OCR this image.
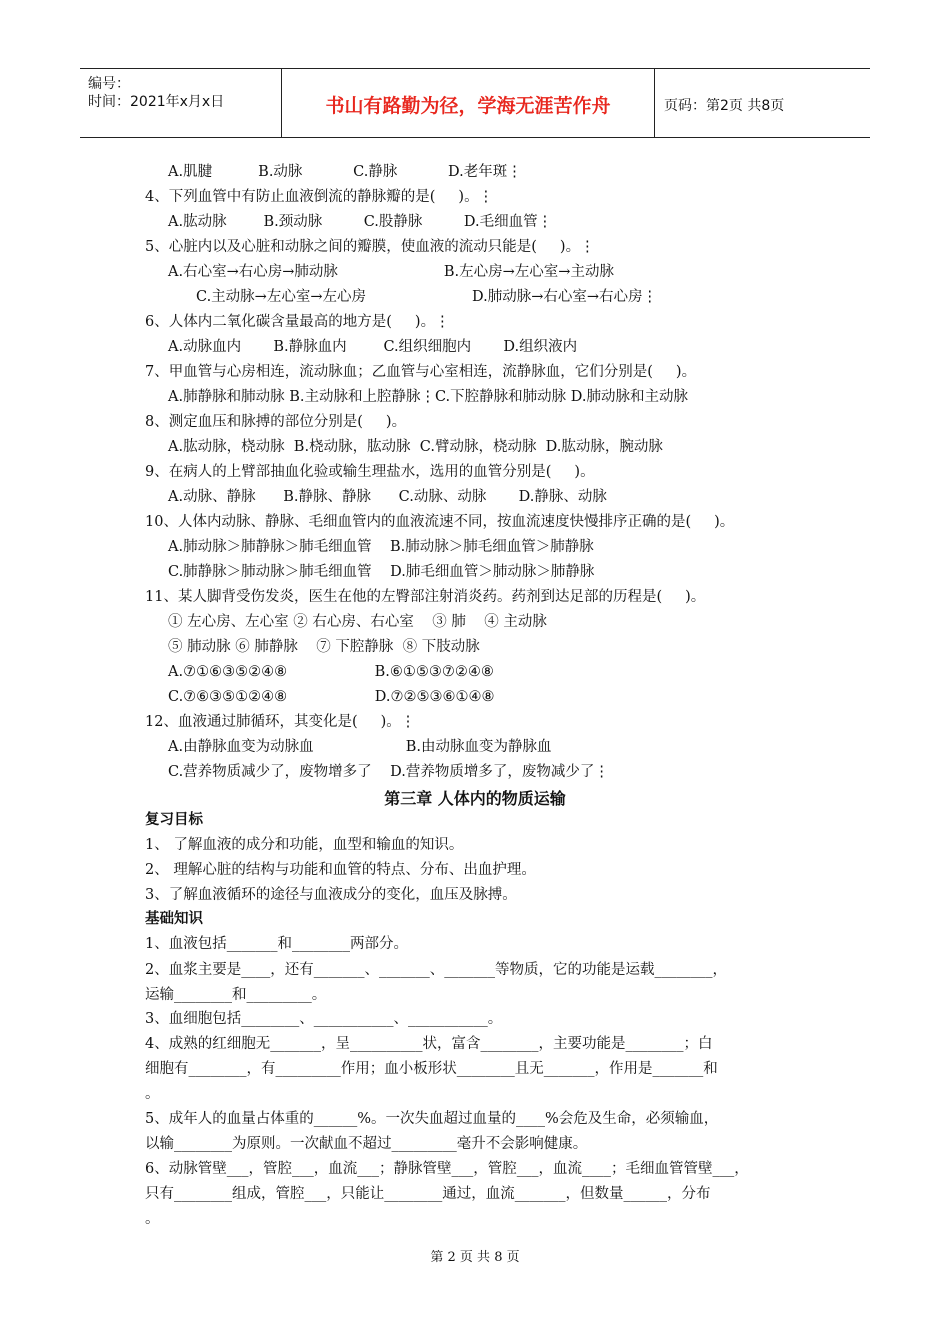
编号：
时间：2021年x月x日	书山有路勤为径，学海无涯苦作舟	页码：第2页 共8页
A.肌腱          B.动脉           C.静脉           D.老年斑⋮
4、下列血管中有防止血液倒流的静脉瓣的是(     )。⋮
A.肱动脉        B.颈动脉         C.股静脉         D.毛细血管⋮
5、心脏内以及心脏和动脉之间的瓣膜，使血液的流动只能是(     )。⋮
A.右心室→右心房→肺动脉                       B.左心房→左心室→主动脉
C.主动脉→左心室→左心房                       D.肺动脉→右心室→右心房⋮
6、人体内二氧化碳含量最高的地方是(     )。⋮
A.动脉血内       B.静脉血内        C.组织细胞内       D.组织液内
7、甲血管与心房相连，流动脉血；乙血管与心室相连，流静脉血，它们分别是(     )。
A.肺静脉和肺动脉 B.主动脉和上腔静脉⋮C.下腔静脉和肺动脉 D.肺动脉和主动脉
8、测定血压和脉搏的部位分别是(     )。
A.肱动脉，桡动脉  B.桡动脉，肱动脉  C.臂动脉，桡动脉  D.肱动脉，腕动脉
9、在病人的上臂部抽血化验或输生理盐水，选用的血管分别是(     )。
A.动脉、静脉      B.静脉、静脉      C.动脉、动脉       D.静脉、动脉
10、人体内动脉、静脉、毛细血管内的血液流速不同，按血流速度快慢排序正确的是(     )。
A.肺动脉＞肺静脉＞肺毛细血管    B.肺动脉＞肺毛细血管＞肺静脉
C.肺静脉＞肺动脉＞肺毛细血管    D.肺毛细血管＞肺动脉＞肺静脉
11、某人脚背受伤发炎，医生在他的左臀部注射消炎药。药剂到达足部的历程是(     )。
① 左心房、左心室 ② 右心房、右心室    ③ 肺    ④ 主动脉
⑤ 肺动脉 ⑥ 肺静脉    ⑦ 下腔静脉  ⑧ 下肢动脉
A.⑦①⑥③⑤②④⑧                   B.⑥①⑤③⑦②④⑧
C.⑦⑥③⑤①②④⑧                   D.⑦②⑤③⑥①④⑧
12、血液通过肺循环，其变化是(     )。⋮
A.由静脉血变为动脉血                    B.由动脉血变为静脉血
C.营养物质减少了，废物增多了    D.营养物质增多了，废物减少了⋮
第三章 人体内的物质运输
复习目标
1、 了解血液的成分和功能，血型和输血的知识。
2、 理解心脏的结构与功能和血管的特点、分布、出血护理。
3、了解血液循环的途径与血液成分的变化，血压及脉搏。
基础知识
1、血液包括_______和________两部分。
2、血浆主要是____，还有_______、_______、_______等物质，它的功能是运载________，
运输________和_________。
3、血细胞包括________、___________、___________。
4、成熟的红细胞无_______，呈__________状，富含________，主要功能是________；白
细胞有________，有_________作用；血小板形状________且无_______，作用是_______和
。
5、成年人的血量占体重的______%。一次失血超过血量的____%会危及生命，必须输血，
以输________为原则。一次献血不超过_________毫升不会影响健康。
6、动脉管壁___，管腔___，血流___；静脉管壁___，管腔___，血流____；毛细血管管壁___，
只有________组成，管腔___，只能让________通过，血流_______，但数量______，分布
。
第 2 页 共 8 页
